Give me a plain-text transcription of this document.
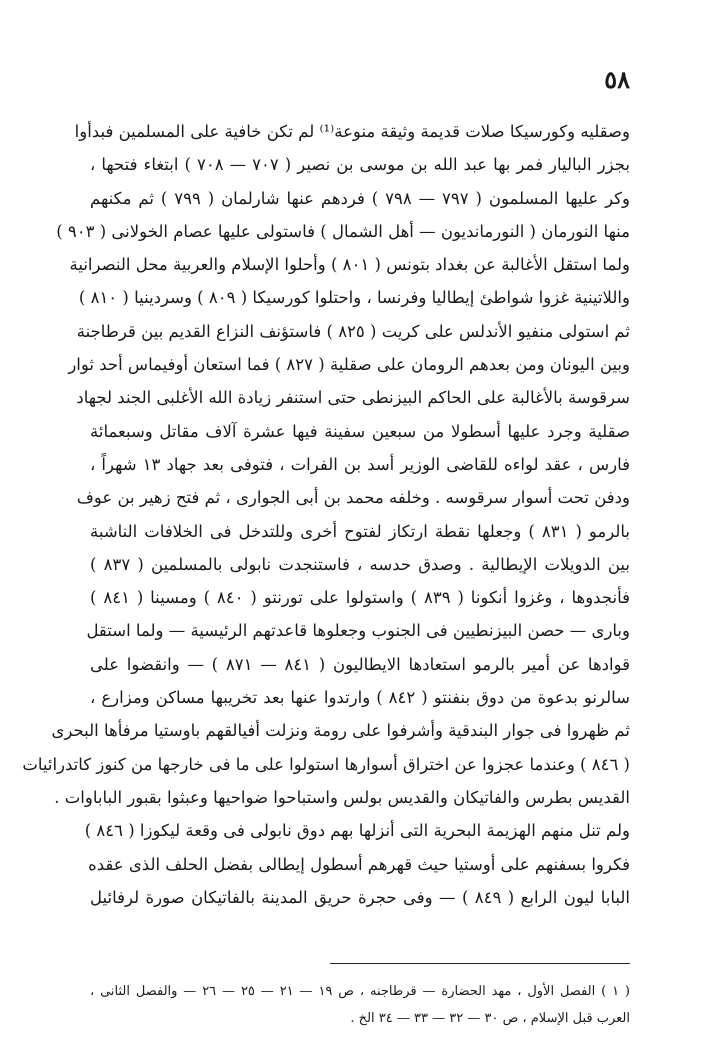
٥٨
وصقليه وكورسيكا صلات قديمة وثيقة منوعة⁽¹⁾ لم تكن خافية على المسلمين فبدأوا
بجزر الباليار فمر بها عبد الله بن موسى بن نصير ( ٧٠٧ — ٧٠٨ ) ابتغاء فتحها ،
وكر عليها المسلمون ( ٧٩٧ — ٧٩٨ ) فردهم عنها شارلمان ( ٧٩٩ ) ثم مكنهم
منها النورمان ( النورمانديون — أهل الشمال ) فاستولى عليها عصام الخولانى ( ٩٠٣ )
ولما استقل الأغالبة عن بغداد بتونس ( ٨٠١ ) وأحلوا الإسلام والعربية محل النصرانية
واللاتينية غزوا شواطئ إيطاليا وفرنسا ، واحتلوا كورسيكا ( ٨٠٩ ) وسردينيا ( ٨١٠ )
ثم استولى منفيو الأندلس على كريت ( ٨٢٥ ) فاستؤنف النزاع القديم بين قرطاجنة
وبين اليونان ومن بعدهم الرومان على صقلية ( ٨٢٧ ) فما استعان أوفيماس أحد ثوار
سرقوسة بالأغالبة على الحاكم البيزنطى حتى استنفر زيادة الله الأغلبى الجند لجهاد
صقلية وجرد عليها أسطولا من سبعين سفينة فيها عشرة آلاف مقاتل وسبعمائة
فارس ، عقد لواءه للقاضى الوزير أسد بن الفرات ، فتوفى بعد جهاد ١٣ شهراً ،
ودفن تحت أسوار سرقوسه . وخلفه محمد بن أبى الجوارى ، ثم فتح زهير بن عوف
بالرمو ( ٨٣١ ) وجعلها نقطة ارتكاز لفتوح أخرى وللتدخل فى الخلافات الناشبة
بين الدويلات الإيطالية . وصدق حدسه ، فاستنجدت نابولى بالمسلمين ( ٨٣٧ )
فأنجدوها ، وغزوا أنكونا ( ٨٣٩ ) واستولوا على تورنتو ( ٨٤٠ ) ومسينا ( ٨٤١ )
وبارى — حصن البيزنطيين فى الجنوب وجعلوها قاعدتهم الرئيسية — ولما استقل
قوادها عن أمير بالرمو استعادها الايطاليون ( ٨٤١ — ٨٧١ ) — وانقضوا على
سالرنو بدعوة من دوق بنفنتو ( ٨٤٢ ) وارتدوا عنها بعد تخريبها مساكن ومزارع ،
ثم ظهروا فى جوار البندقية وأشرفوا على رومة ونزلت أفيالقهم باوستيا مرفأها البحرى
( ٨٤٦ ) وعندما عجزوا عن اختراق أسوارها استولوا على ما فى خارجها من كنوز كاتدرائيات
القديس بطرس والفاتيكان والقديس بولس واستباحوا ضواحيها وعبثوا بقبور الباباوات .
ولم تنل منهم الهزيمة البحرية التى أنزلها بهم دوق نابولى فى وقعة ليكوزا ( ٨٤٦ )
فكروا بسفنهم على أوستيا حيث قهرهم أسطول إيطالى بفضل الحلف الذى عقده
البابا ليون الرابع ( ٨٤٩ ) — وفى حجرة حريق المدينة بالفاتيكان صورة لرفائيل
( ١ ) الفصل الأول ، مهد الحضارة — قرطاجنه ، ص ١٩ — ٢١ — ٢٥ — ٢٦ — والفصل الثانى ،
العرب قبل الإسلام ، ص ٣٠ — ٣٢ — ٣٣ — ٣٤ الخ .
